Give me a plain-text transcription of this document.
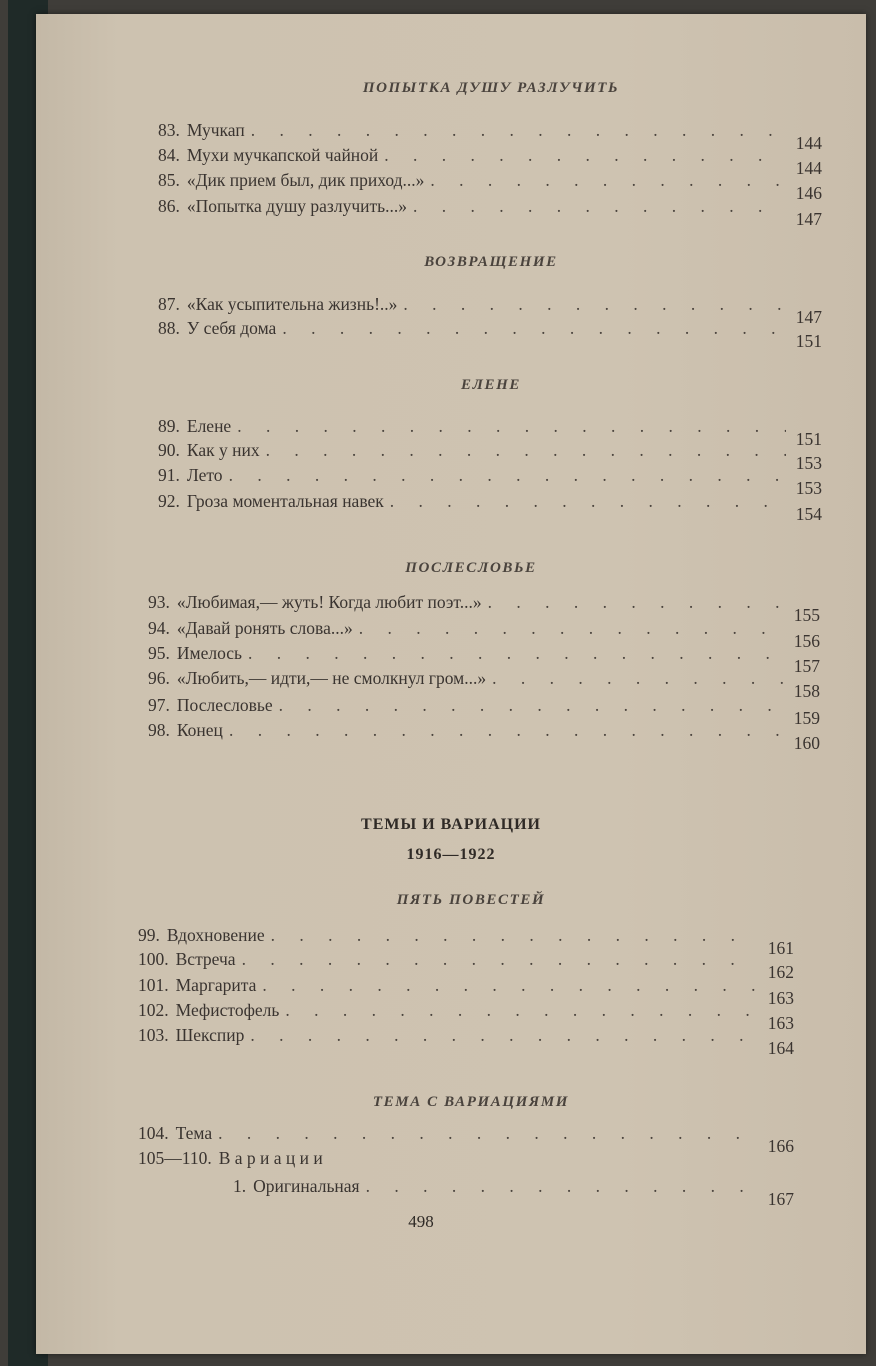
ТЕМЫ И ВАРИАЦИИ
1916—1922
498
ПОПЫТКА ДУШУ РАЗЛУЧИТЬ
83. Мучкап
. . .
144
84. Мухи мучкапской чайной
. . .
144
85. «Дик прием был, дик приход...»
. . .
146
86. «Попытка душу разлучить...»
. . .
147
ВОЗВРАЩЕНИЕ
87. «Как усыпительна жизнь!..»
. . .
147
88. У себя дома
. . .
151
ЕЛЕНЕ
89. Елене
. . .
151
90. Как у них
. . .
153
91. Лето
. . .
153
92. Гроза моментальная навек
. . .
154
ПОСЛЕСЛОВЬЕ
93. «Любимая,— жуть! Когда любит поэт...»
. . .
155
94. «Давай ронять слова...»
. . .
156
95. Имелось
. . .
157
96. «Любить,— идти,— не смолкнул гром...»
. . .
158
97. Послесловье
. . .
159
98. Конец
. . .
160
ПЯТЬ ПОВЕСТЕЙ
99. Вдохновение
. . .
161
100. Встреча
. . .
162
101. Маргарита
. . .
163
102. Мефистофель
. . .
163
103. Шекспир
. . .
164
ТЕМА С ВАРИАЦИЯМИ
104. Тема
. . .
166
105—110. В а р и а ц и и
1. Оригинальная
. . .
167
